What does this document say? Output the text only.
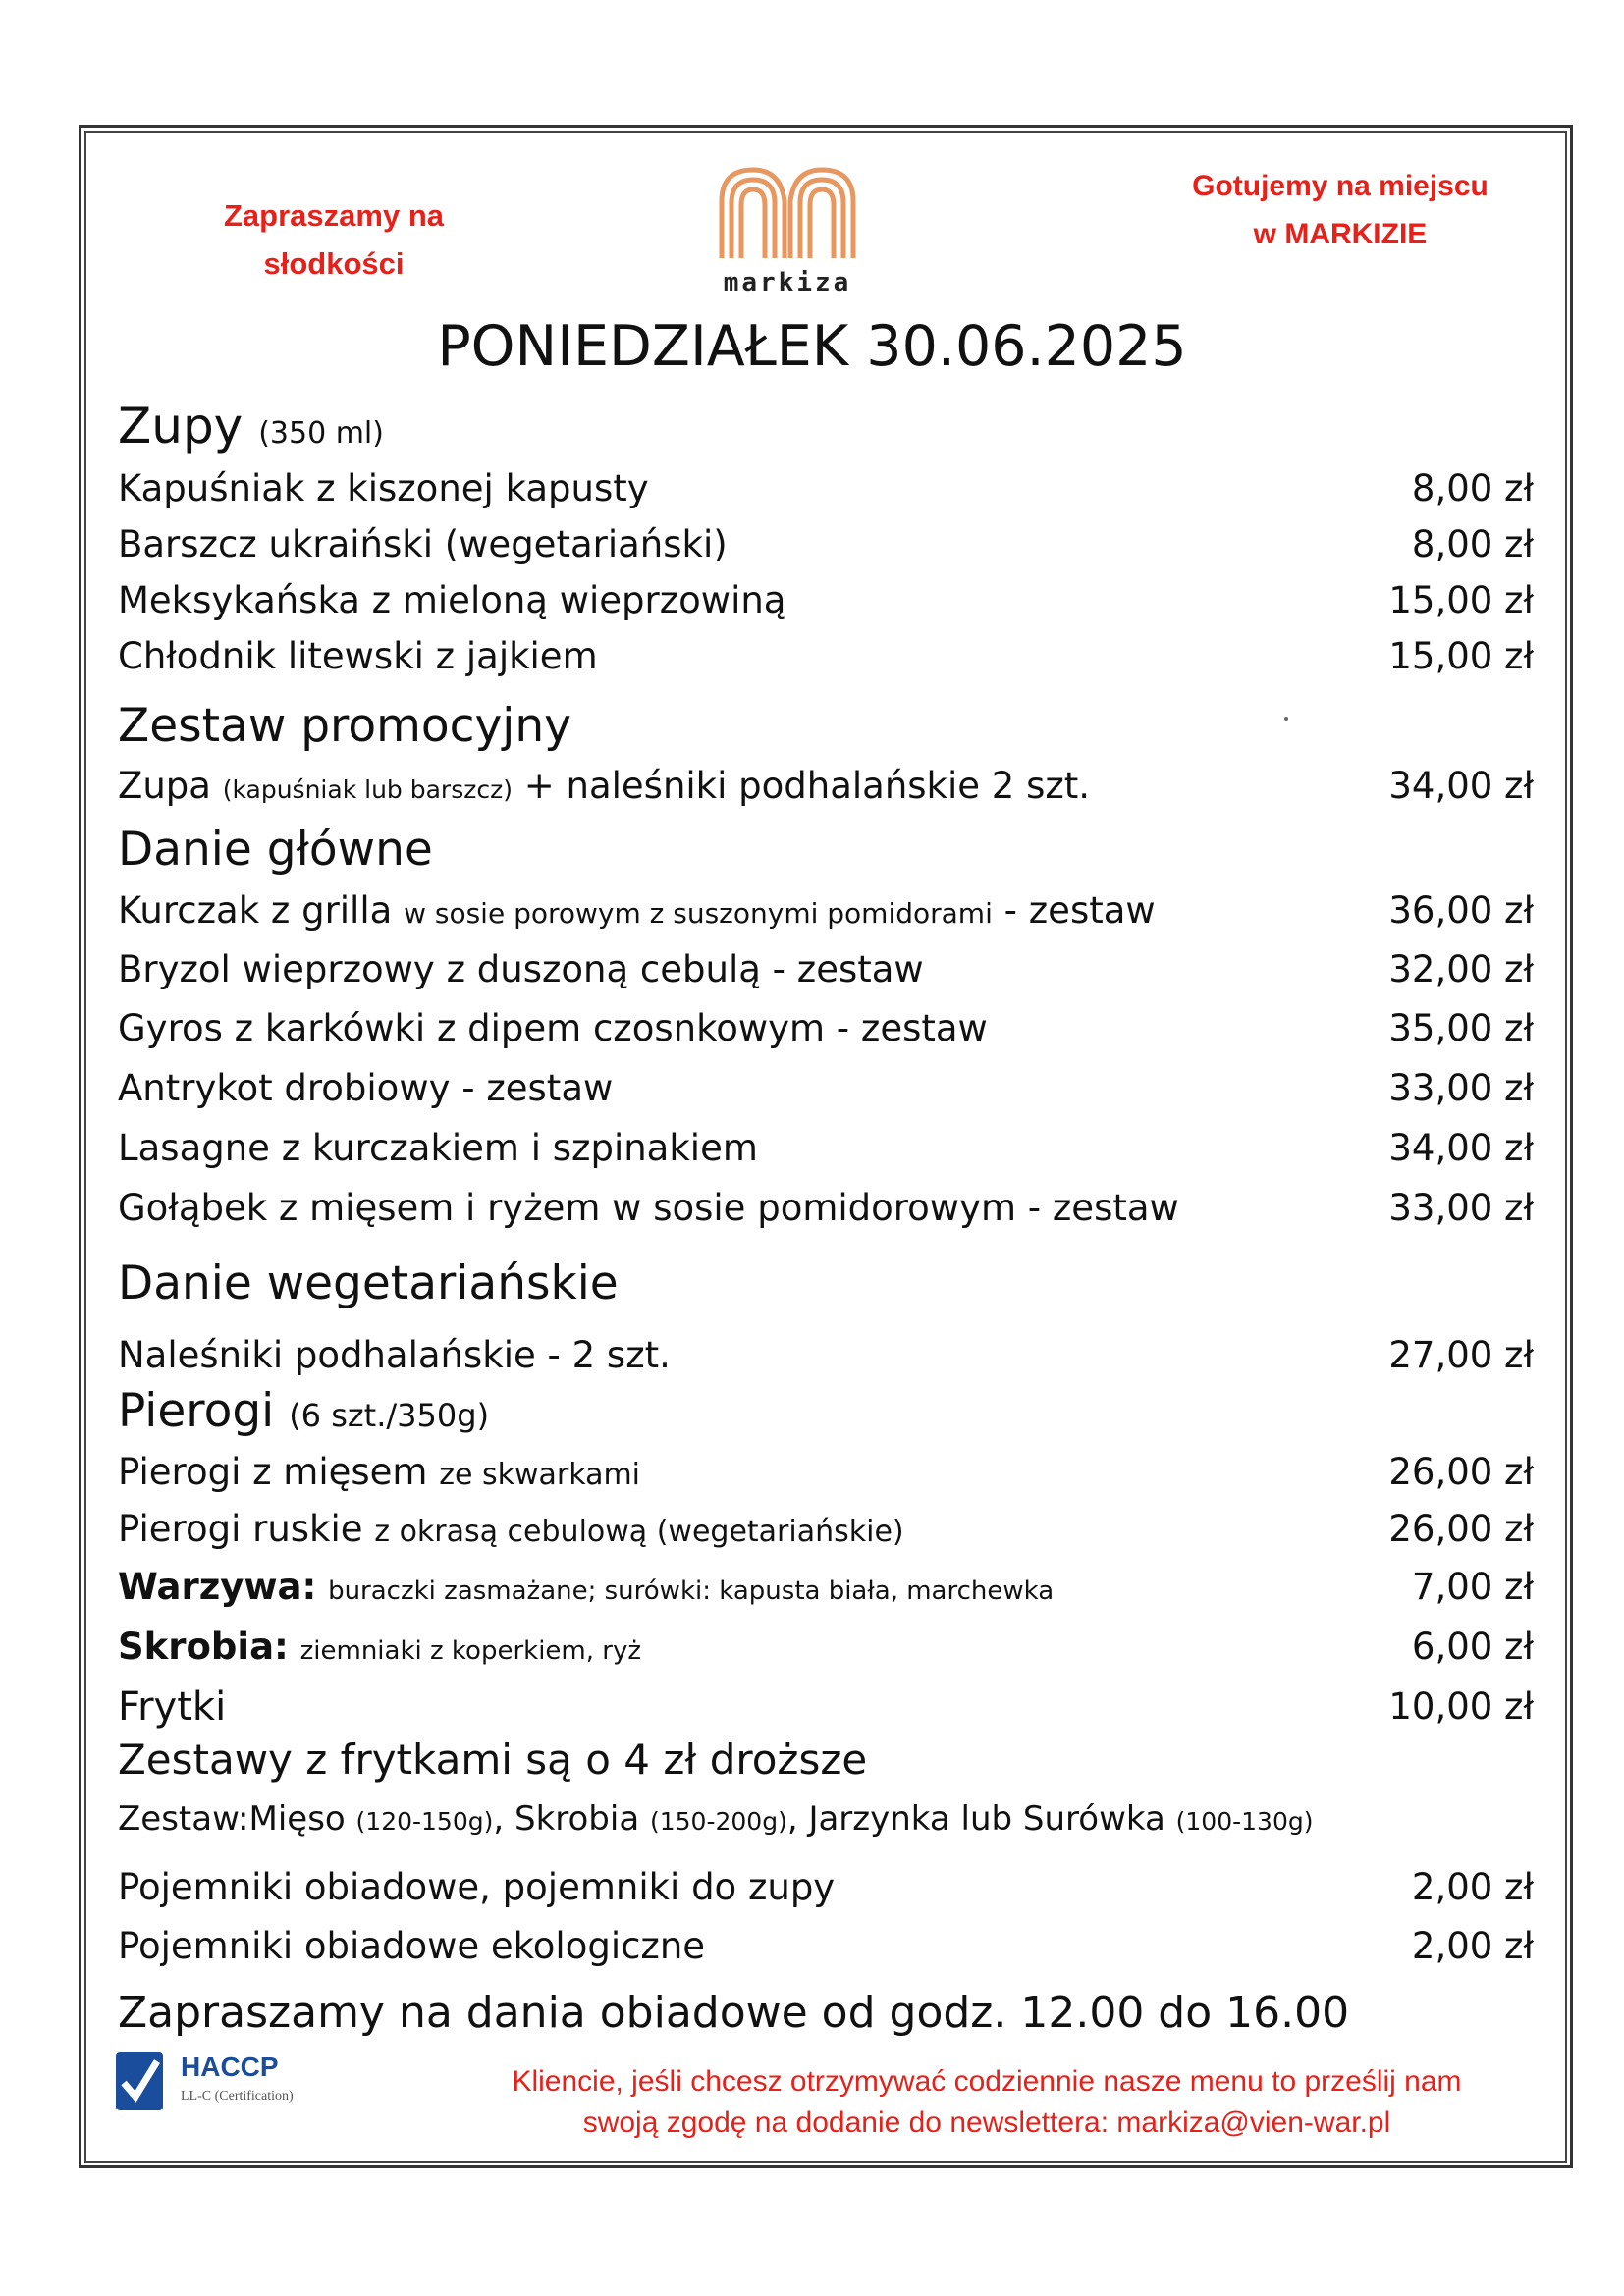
Zapraszamy na
słodkości
markiza
Gotujemy na miejscu
w MARKIZIE
PONIEDZIAŁEK 30.06.2025
Zupy (350 ml)
Kapuśniak z kiszonej kapusty	8,00 zł
Barszcz ukraiński (wegetariański)	8,00 zł
Meksykańska z mieloną wieprzowiną	15,00 zł
Chłodnik litewski z jajkiem	15,00 zł
Zestaw promocyjny
Zupa (kapuśniak lub barszcz) + naleśniki podhalańskie 2 szt.	34,00 zł
Danie główne
Kurczak z grilla w sosie porowym z suszonymi pomidorami - zestaw	36,00 zł
Bryzol wieprzowy z duszoną cebulą - zestaw	32,00 zł
Gyros z karkówki z dipem czosnkowym - zestaw	35,00 zł
Antrykot drobiowy - zestaw	33,00 zł
Lasagne z kurczakiem i szpinakiem	34,00 zł
Gołąbek z mięsem i ryżem w sosie pomidorowym - zestaw	33,00 zł
Danie wegetariańskie
Naleśniki podhalańskie - 2 szt.	27,00 zł
Pierogi (6 szt./350g)
Pierogi z mięsem ze skwarkami	26,00 zł
Pierogi ruskie z okrasą cebulową (wegetariańskie)	26,00 zł
Warzywa: buraczki zasmażane; surówki: kapusta biała, marchewka	7,00 zł
Skrobia: ziemniaki z koperkiem, ryż	6,00 zł
Frytki	10,00 zł
Zestawy z frytkami są o 4 zł droższe
Zestaw:Mięso (120-150g), Skrobia (150-200g), Jarzynka lub Surówka (100-130g)
Pojemniki obiadowe, pojemniki do zupy	2,00 zł
Pojemniki obiadowe ekologiczne	2,00 zł
Zapraszamy na dania obiadowe od godz. 12.00 do 16.00
HACCP
LL-C (Certification)	Kliencie, jeśli chcesz otrzymywać codziennie nasze menu to prześlij nam
swoją zgodę na dodanie do newslettera: markiza@vien-war.pl
